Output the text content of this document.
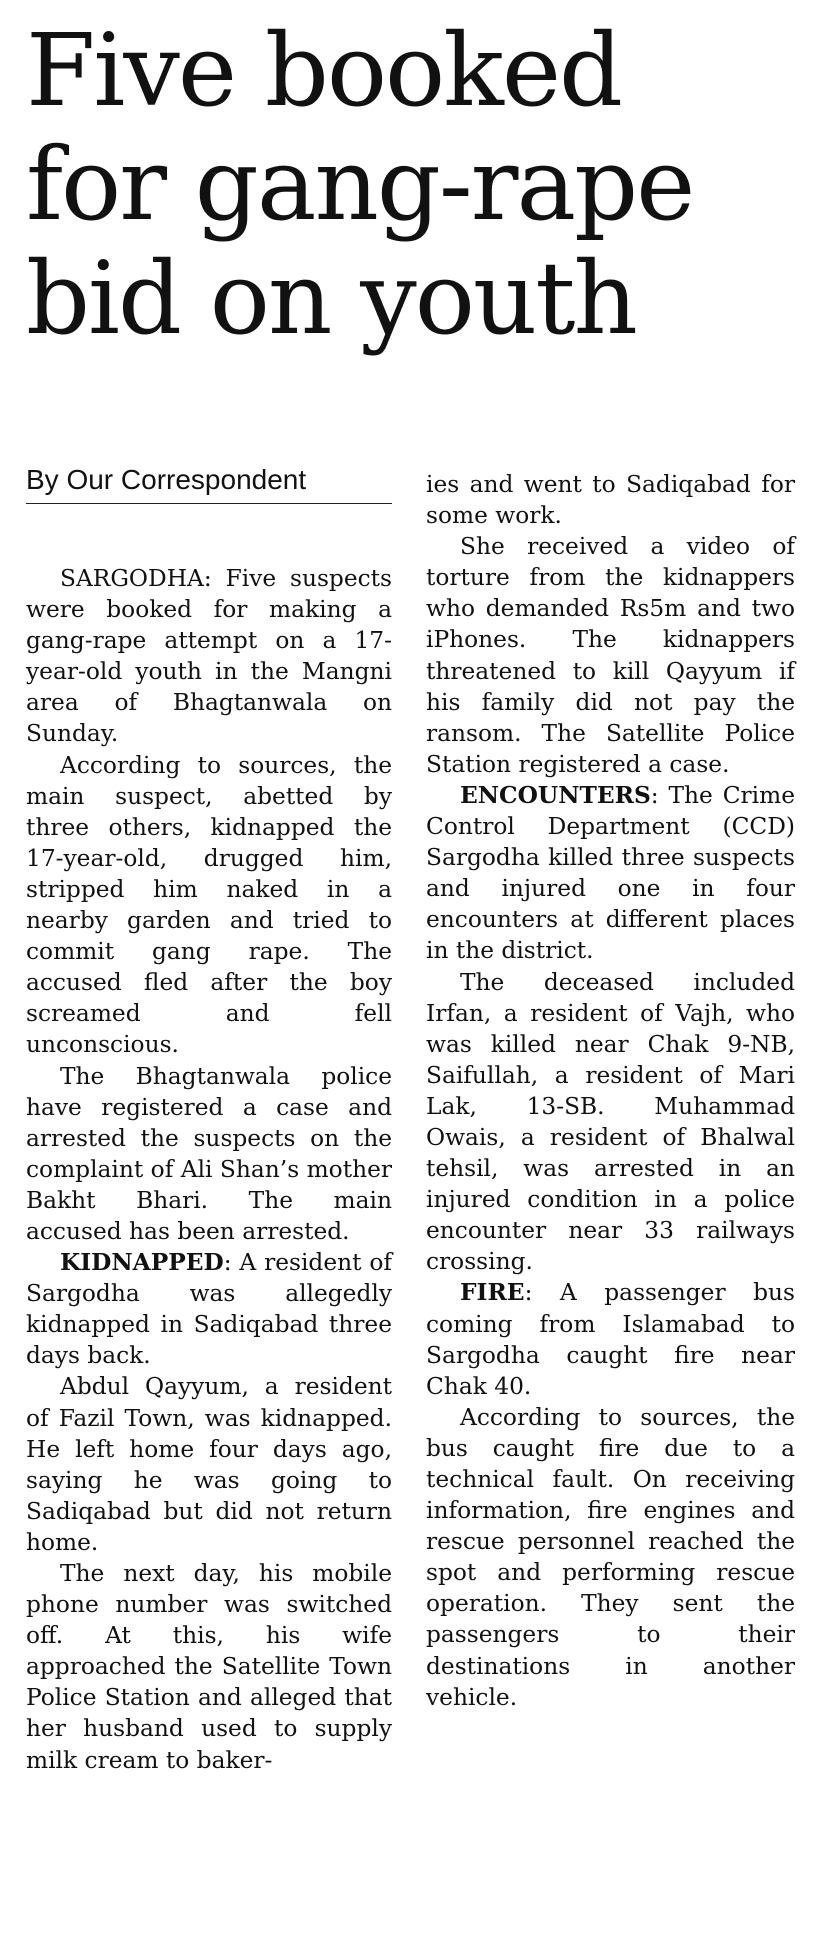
Five booked
for gang-rape
bid on youth
By Our Correspondent

SARGODHA: Five suspects were booked for making a gang-rape attempt on a 17-year-old youth in the Mangni area of Bhagtanwala on Sunday.

According to sources, the main suspect, abetted by three others, kidnapped the 17-year-old, drugged him, stripped him naked in a nearby garden and tried to commit gang rape. The accused fled after the boy screamed and fell unconscious.

The Bhagtanwala police have registered a case and arrested the suspects on the complaint of Ali Shan’s mother Bakht Bhari. The main accused has been arrested.

KIDNAPPED: A resident of Sargodha was allegedly kidnapped in Sadiqabad three days back.

Abdul Qayyum, a resident of Fazil Town, was kidnapped. He left home four days ago, saying he was going to Sadiqabad but did not return home.

The next day, his mobile phone number was switched off. At this, his wife approached the Satellite Town Police Station and alleged that her husband used to supply milk cream to baker-

ies and went to Sadiqabad for some work.

She received a video of torture from the kidnappers who demanded Rs5m and two iPhones. The kidnappers threatened to kill Qayyum if his family did not pay the ransom. The Satellite Police Station registered a case.

ENCOUNTERS: The Crime Control Department (CCD) Sargodha killed three suspects and injured one in four encounters at different places in the district.

The deceased included Irfan, a resident of Vajh, who was killed near Chak 9-NB, Saifullah, a resident of Mari Lak, 13-SB. Muhammad Owais, a resident of Bhalwal tehsil, was arrested in an injured condition in a police encounter near 33 railways crossing.

FIRE: A passenger bus coming from Islamabad to Sargodha caught fire near Chak 40.

According to sources, the bus caught fire due to a technical fault. On receiving information, fire engines and rescue personnel reached the spot and performing rescue operation. They sent the passengers to their destinations in another vehicle.
